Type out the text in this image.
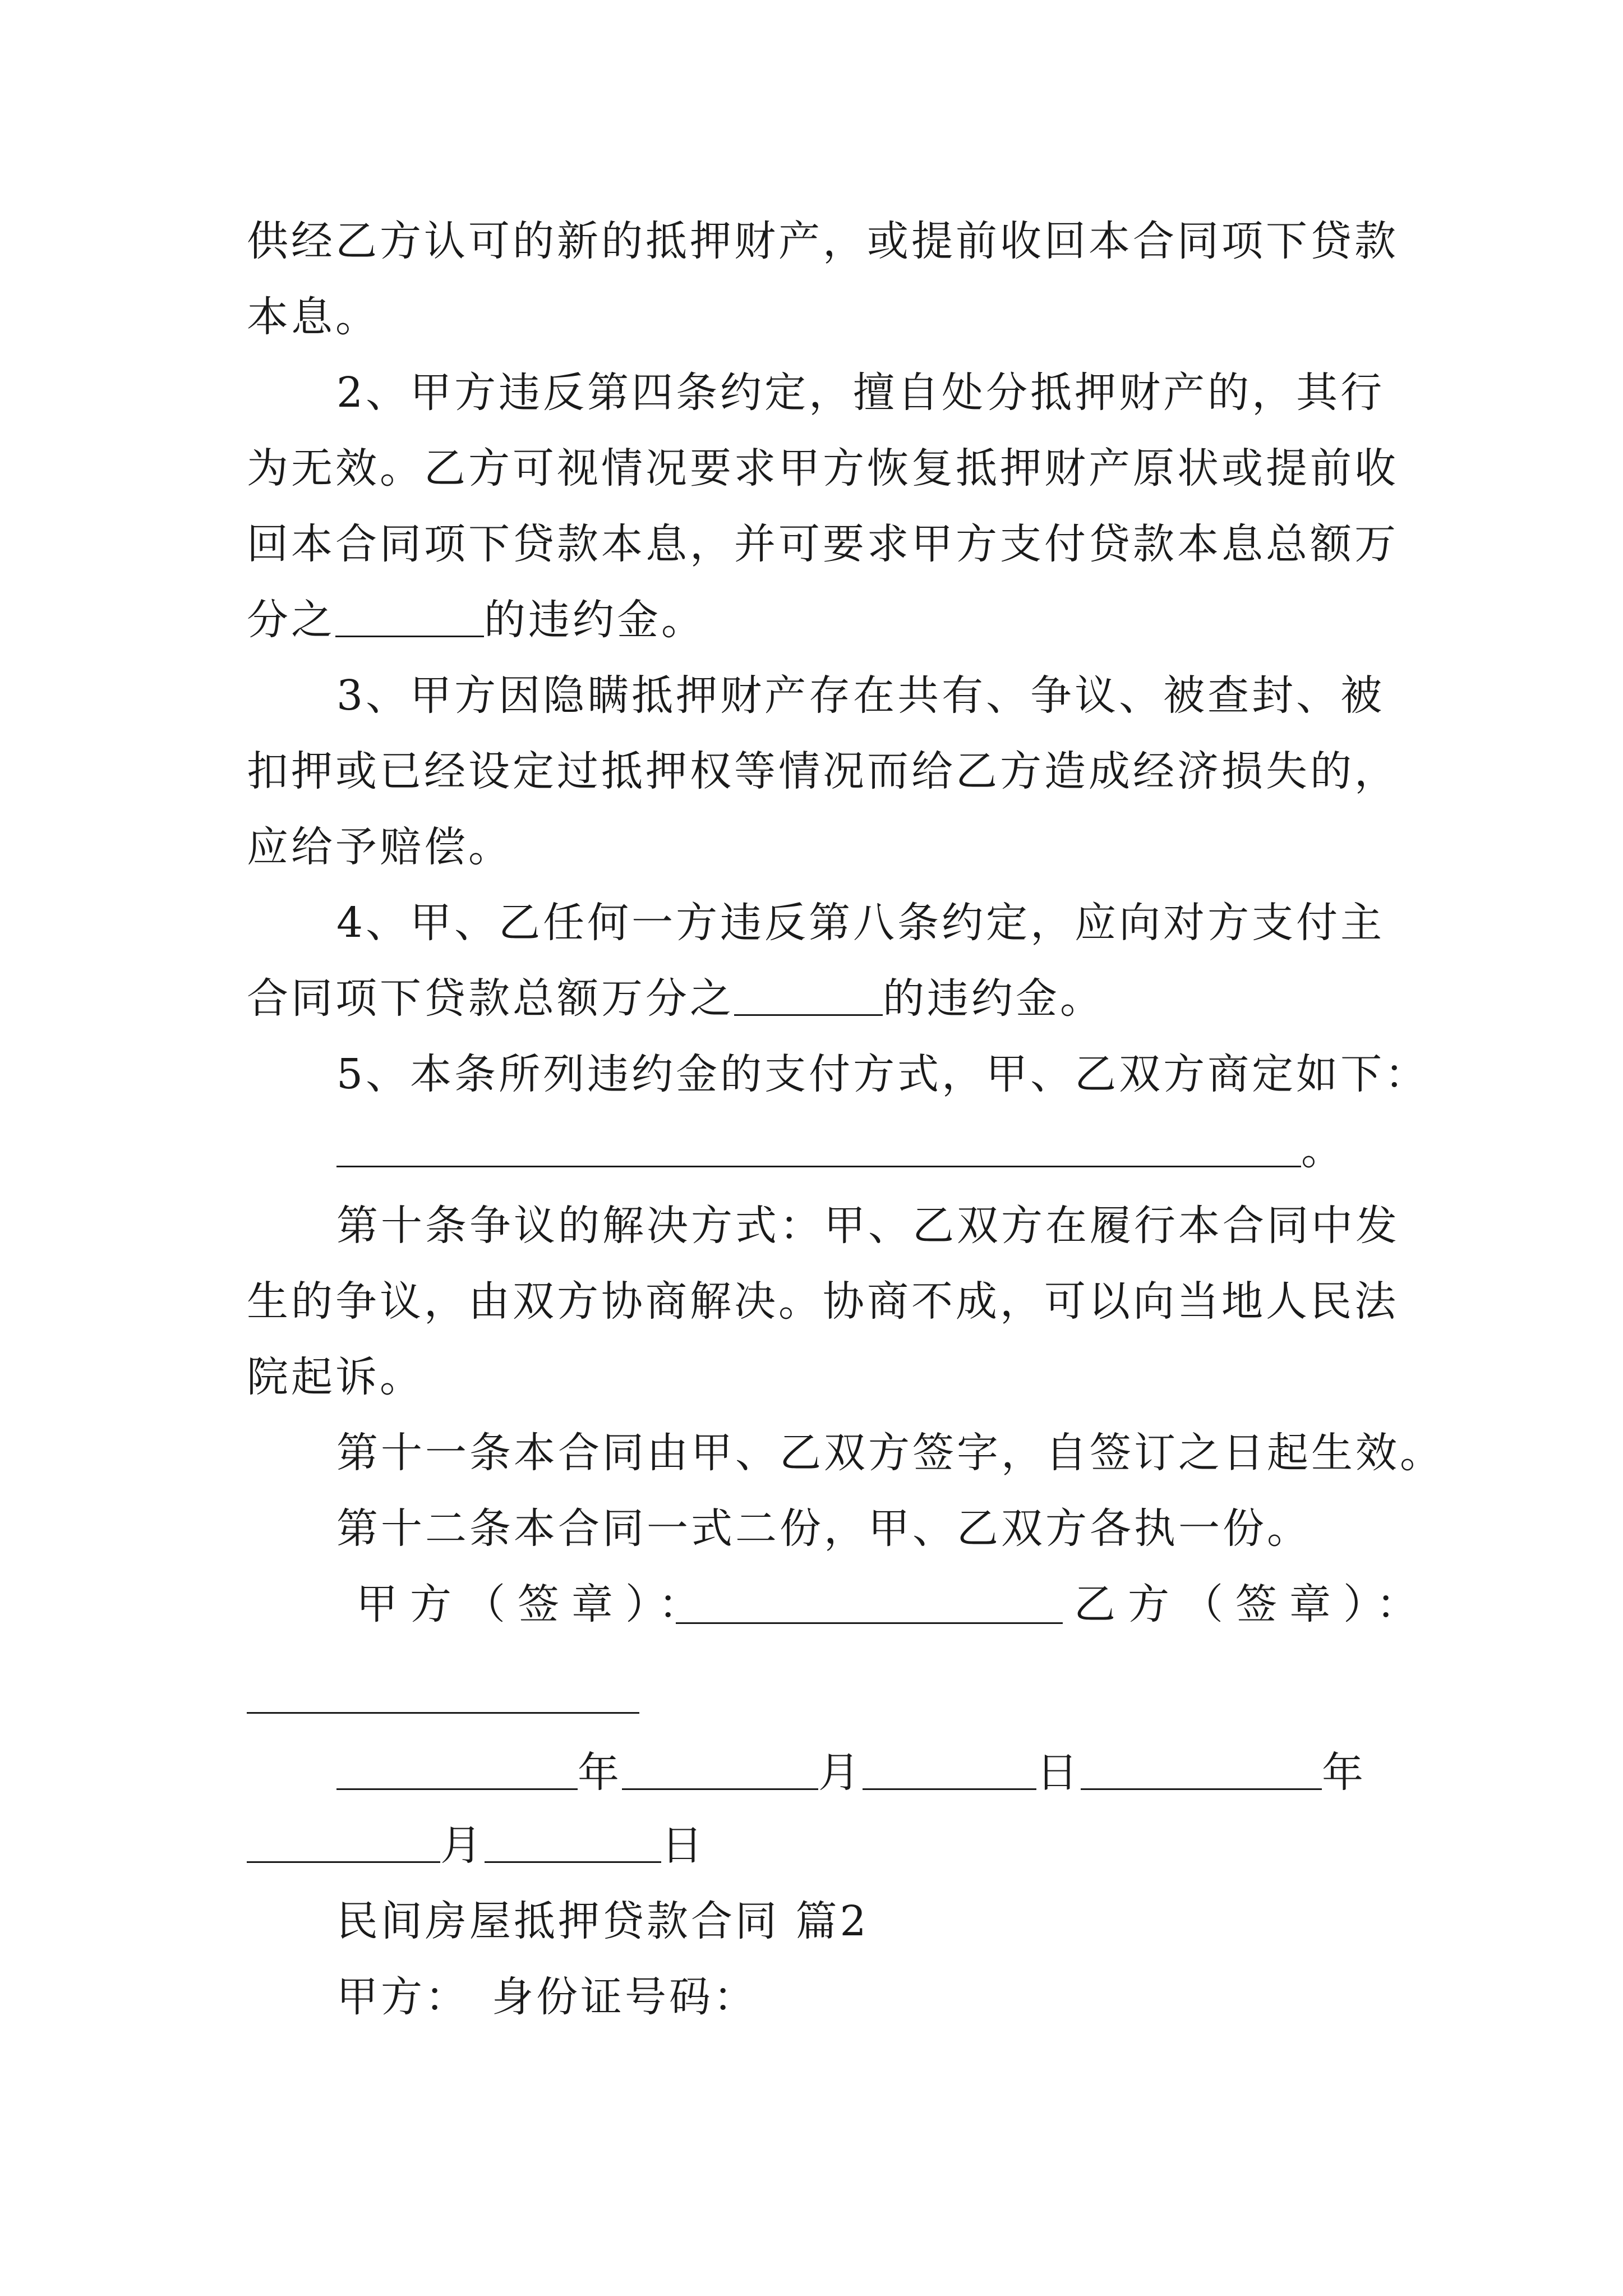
供经乙方认可的新的抵押财产，或提前收回本合同项下贷款

本息。

2、甲方违反第四条约定，擅自处分抵押财产的，其行

为无效。乙方可视情况要求甲方恢复抵押财产原状或提前收

回本合同项下贷款本息，并可要求甲方支付贷款本息总额万

分之	的违约金。

3、甲方因隐瞒抵押财产存在共有、争议、被查封、被

扣押或已经设定过抵押权等情况而给乙方造成经济损失的，

应给予赔偿。

4、甲、乙任何一方违反第八条约定，应向对方支付主

合同项下贷款总额万分之	的违约金。

5、本条所列违约金的支付方式，甲、乙双方商定如下：

。

第十条争议的解决方式：甲、乙双方在履行本合同中发

生的争议，由双方协商解决。协商不成，可以向当地人民法

院起诉。

第十一条本合同由甲、乙双方签字，自签订之日起生效。

第十二条本合同一式二份，甲、乙双方各执一份。

甲方（签章）：	乙方（签章）：

年	月	日	年

月	日

民间房屋抵押贷款合同 篇2

甲方： 身份证号码：
